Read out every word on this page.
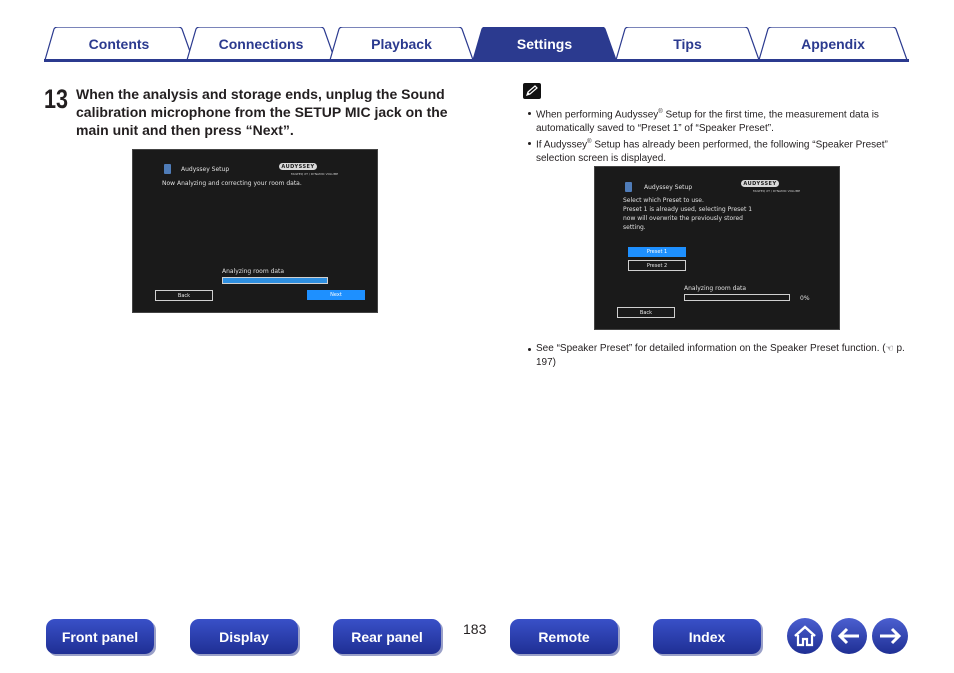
Contents	Connections	Playback	Settings	Tips	Appendix
13 When the analysis and storage ends, unplug the Sound calibration microphone from the SETUP MIC jack on the main unit and then press “Next”.
Audyssey Setup	AUDYSSEY
MULTEQ XT / DYNAMIC VOLUME
Now Analyzing and correcting your room data.
Analyzing room data
Back	Next
When performing Audyssey® Setup for the first time, the measurement data is automatically saved to “Preset 1” of “Speaker Preset”.
If Audyssey® Setup has already been performed, the following “Speaker Preset” selection screen is displayed.
Audyssey Setup
AUDYSSEY
MULTEQ XT / DYNAMIC VOLUME
Select which Preset to use.
Preset 1 is already used, selecting Preset 1
now will overwrite the previously stored
setting.
Preset 1
Preset 2
Analyzing room data
0%
Back
See “Speaker Preset” for detailed information on the Speaker Preset function. (☜ p. 197)
Front panel	Display	Rear panel	183	Remote	Index
